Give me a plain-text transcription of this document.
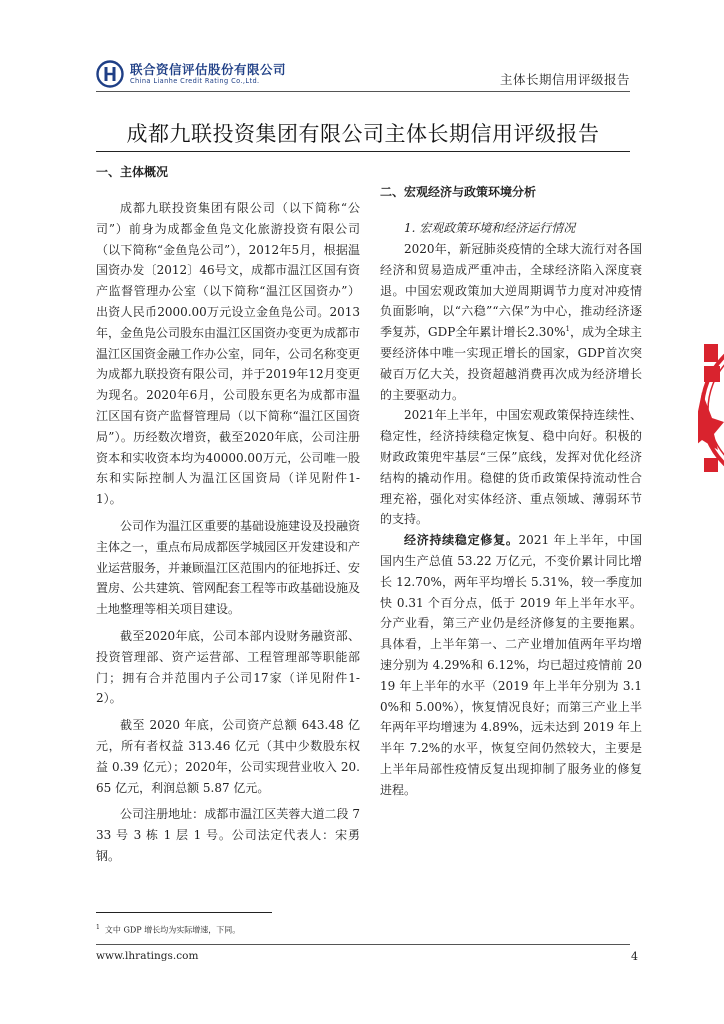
联合资信评估股份有限公司
China Lianhe Credit Rating Co.,Ltd.	主体长期信用评级报告
成都九联投资集团有限公司主体长期信用评级报告
一、主体概况

成都九联投资集团有限公司（以下简称“公司”）前身为成都金鱼凫文化旅游投资有限公司（以下简称“金鱼凫公司”），2012年5月，根据温国资办发〔2012〕46号文，成都市温江区国有资产监督管理办公室（以下简称“温江区国资办”）出资人民币2000.00万元设立金鱼凫公司。2013年，金鱼凫公司股东由温江区国资办变更为成都市温江区国资金融工作办公室，同年，公司名称变更为成都九联投资有限公司，并于2019年12月变更为现名。2020年6月，公司股东更名为成都市温江区国有资产监督管理局（以下简称“温江区国资局”）。历经数次增资，截至2020年底，公司注册资本和实收资本均为40000.00万元，公司唯一股东和实际控制人为温江区国资局（详见附件1-1）。

公司作为温江区重要的基础设施建设及投融资主体之一，重点布局成都医学城园区开发建设和产业运营服务，并兼顾温江区范围内的征地拆迁、安置房、公共建筑、管网配套工程等市政基础设施及土地整理等相关项目建设。

截至2020年底，公司本部内设财务融资部、投资管理部、资产运营部、工程管理部等职能部门；拥有合并范围内子公司17家（详见附件1-2）。

截至 2020 年底，公司资产总额 643.48 亿元，所有者权益 313.46 亿元（其中少数股东权益 0.39 亿元）；2020年，公司实现营业收入 20.65 亿元，利润总额 5.87 亿元。

公司注册地址：成都市温江区芙蓉大道二段 733 号 3 栋 1 层 1 号。公司法定代表人：宋勇钢。

二、宏观经济与政策环境分析
1. 宏观政策环境和经济运行情况

2020年，新冠肺炎疫情的全球大流行对各国经济和贸易造成严重冲击，全球经济陷入深度衰退。中国宏观政策加大逆周期调节力度对冲疫情负面影响，以“六稳”“六保”为中心，推动经济逐季复苏，GDP全年累计增长2.30%$^1$，成为全球主要经济体中唯一实现正增长的国家，GDP首次突破百万亿大关，投资超越消费再次成为经济增长的主要驱动力。

2021年上半年，中国宏观政策保持连续性、稳定性，经济持续稳定恢复、稳中向好。积极的财政政策兜牢基层“三保”底线，发挥对优化经济结构的撬动作用。稳健的货币政策保持流动性合理充裕，强化对实体经济、重点领域、薄弱环节的支持。

经济持续稳定修复。2021 年上半年，中国国内生产总值 53.22 万亿元，不变价累计同比增长 12.70%，两年平均增长 5.31%，较一季度加快 0.31 个百分点，低于 2019 年上半年水平。分产业看，第三产业仍是经济修复的主要拖累。具体看，上半年第一、二产业增加值两年平均增速分别为 4.29%和 6.12%，均已超过疫情前 2019 年上半年的水平（2019 年上半年分别为 3.10%和 5.00%），恢复情况良好；而第三产业上半年两年平均增速为 4.89%，远未达到 2019 年上半年 7.2%的水平，恢复空间仍然较大，主要是上半年局部性疫情反复出现抑制了服务业的修复进程。

$^1$ 文中 GDP 增长均为实际增速，下同。
www.lhratings.com	4
